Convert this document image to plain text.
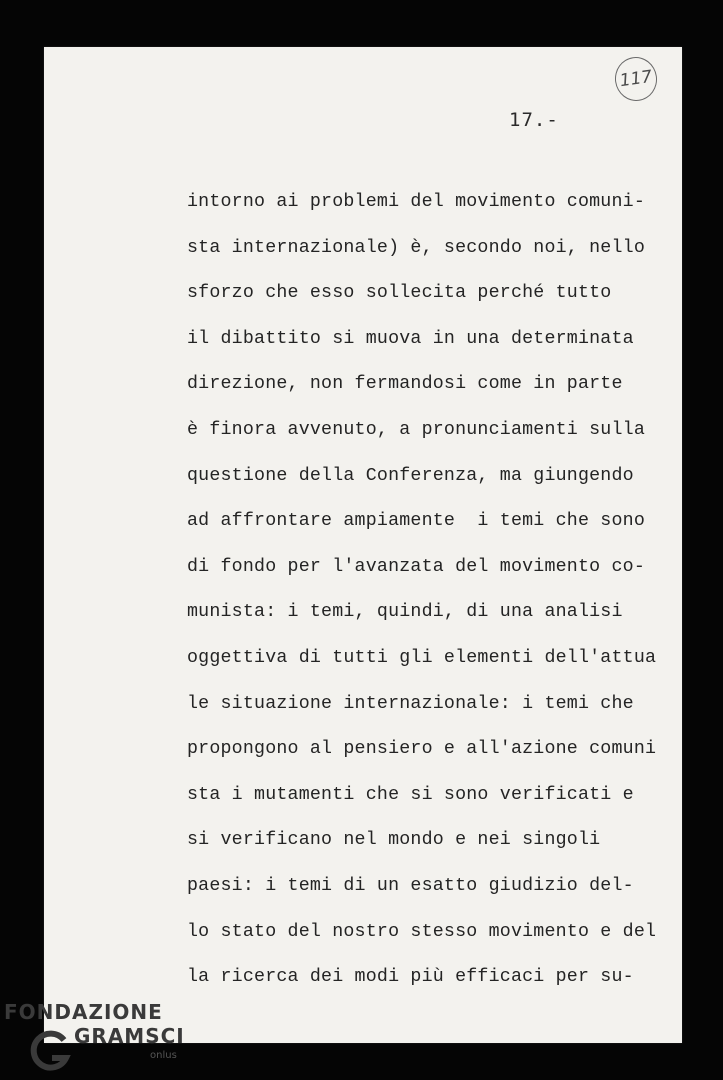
117
17.-
intorno ai problemi del movimento comuni-
sta internazionale) è, secondo noi, nello
sforzo che esso sollecita perché tutto
il dibattito si muova in una determinata
direzione, non fermandosi come in parte
è finora avvenuto, a pronunciamenti sulla
questione della Conferenza, ma giungendo
ad affrontare ampiamente  i temi che sono
di fondo per l'avanzata del movimento co-
munista: i temi, quindi, di una analisi
oggettiva di tutti gli elementi dell'attua
le situazione internazionale: i temi che
propongono al pensiero e all'azione comuni
sta i mutamenti che si sono verificati e
si verificano nel mondo e nei singoli
paesi: i temi di un esatto giudizio del-
lo stato del nostro stesso movimento e del
la ricerca dei modi più efficaci per su-
FONDAZIONE
GRAMSCI
onlus
